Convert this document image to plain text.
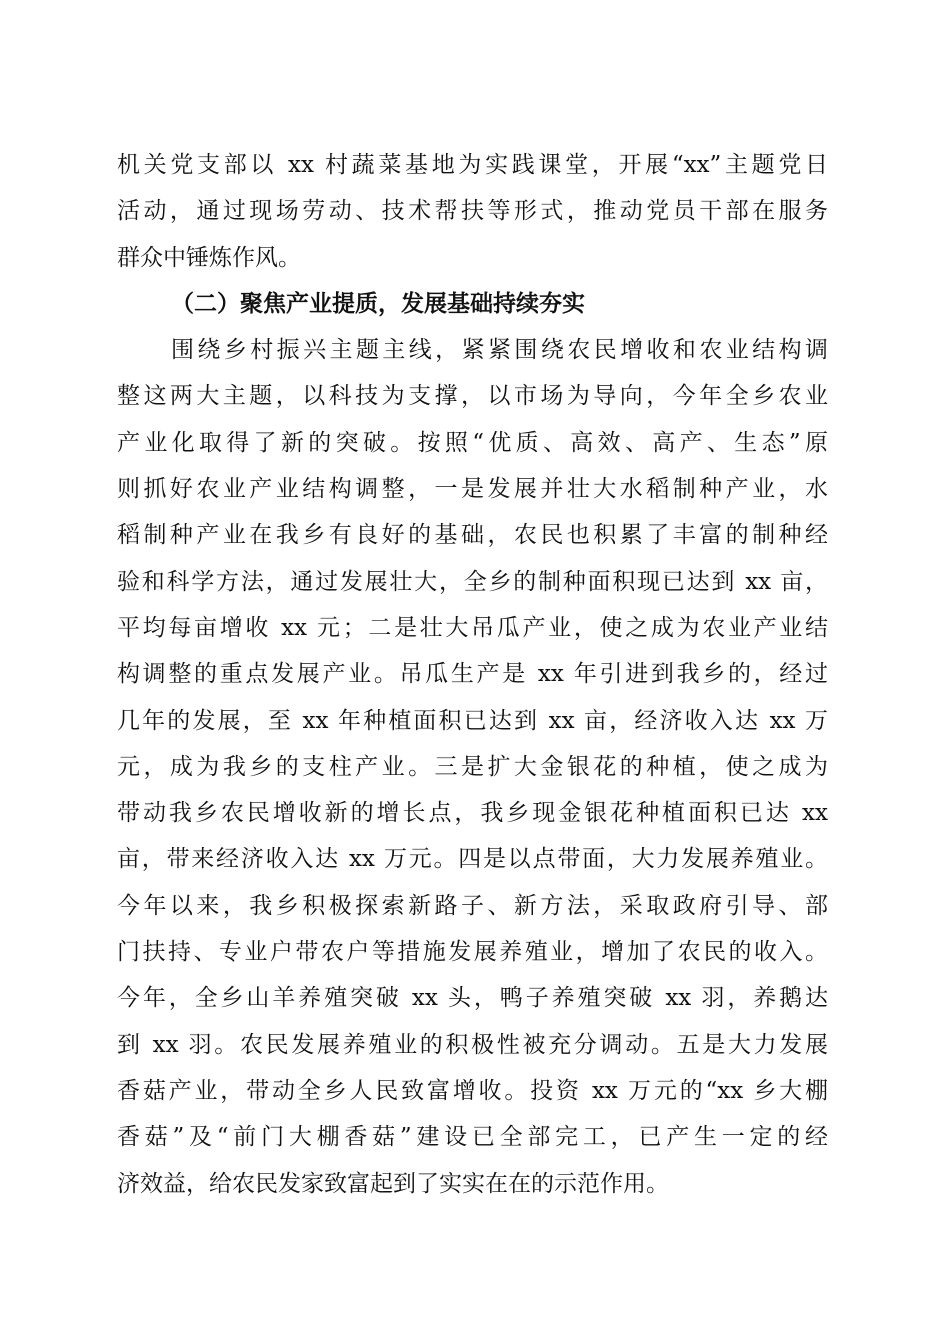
机关党支部以 xx 村蔬菜基地为实践课堂，开展“xx”主题党日
活动，通过现场劳动、技术帮扶等形式，推动党员干部在服务
群众中锤炼作风。
（二）聚焦产业提质，发展基础持续夯实
围绕乡村振兴主题主线，紧紧围绕农民增收和农业结构调
整这两大主题，以科技为支撑，以市场为导向，今年全乡农业
产业化取得了新的突破。按照“优质、高效、高产、生态”原
则抓好农业产业结构调整，一是发展并壮大水稻制种产业，水
稻制种产业在我乡有良好的基础，农民也积累了丰富的制种经
验和科学方法，通过发展壮大，全乡的制种面积现已达到 xx 亩，
平均每亩增收 xx 元；二是壮大吊瓜产业，使之成为农业产业结
构调整的重点发展产业。吊瓜生产是 xx 年引进到我乡的，经过
几年的发展，至 xx 年种植面积已达到 xx 亩，经济收入达 xx 万
元，成为我乡的支柱产业。三是扩大金银花的种植，使之成为
带动我乡农民增收新的增长点，我乡现金银花种植面积已达 xx
亩，带来经济收入达 xx 万元。四是以点带面，大力发展养殖业。
今年以来，我乡积极探索新路子、新方法，采取政府引导、部
门扶持、专业户带农户等措施发展养殖业，增加了农民的收入。
今年，全乡山羊养殖突破 xx 头，鸭子养殖突破 xx 羽，养鹅达
到 xx 羽。农民发展养殖业的积极性被充分调动。五是大力发展
香菇产业，带动全乡人民致富增收。投资 xx 万元的“xx 乡大棚
香菇”及“前门大棚香菇”建设已全部完工，已产生一定的经
济效益，给农民发家致富起到了实实在在的示范作用。
